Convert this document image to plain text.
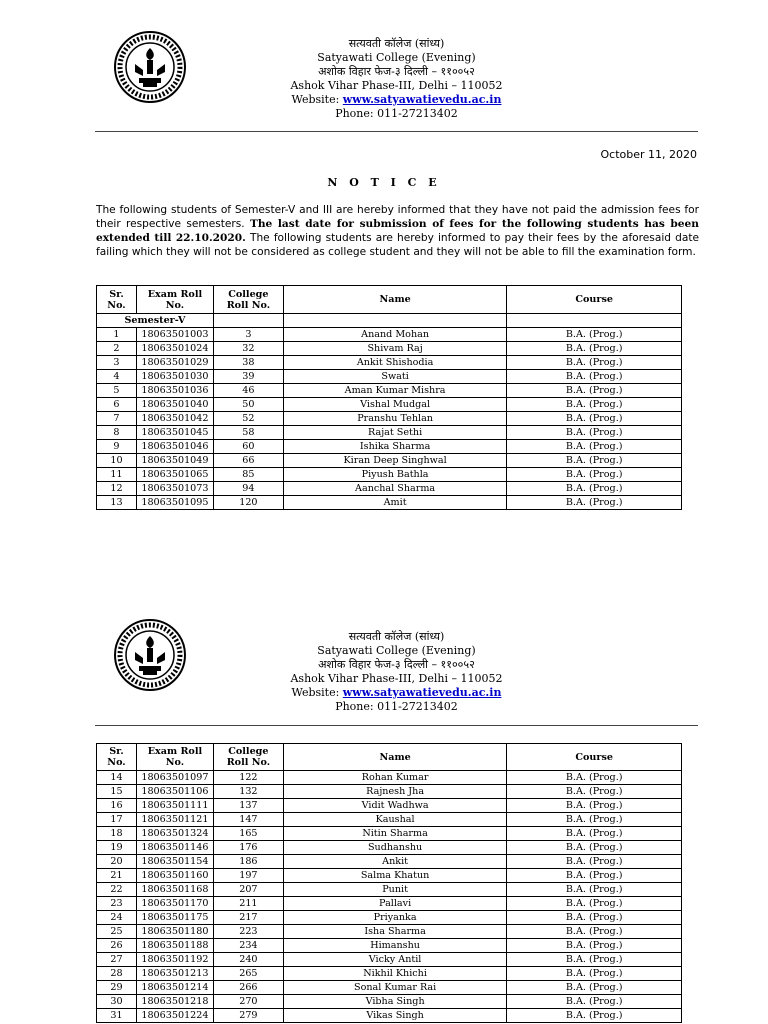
सत्यवती कॉलेज (सांध्य)
Satyawati College (Evening)
अशोक विहार फेज-३ दिल्ली – ११००५२
Ashok Vihar Phase-III, Delhi – 110052
Website: www.satyawatievedu.ac.in
Phone: 011-27213402
October 11, 2020
N O T I C E
The following students of Semester-V and III are hereby informed that they have not paid the admission fees for their respective semesters. The last date for submission of fees for the following students has been extended till 22.10.2020. The following students are hereby informed to pay their fees by the aforesaid date failing which they will not be considered as college student and they will not be able to fill the examination form.
Sr. No.	Exam Roll No.	College Roll No.	Name	Course
Semester-V				
1	18063501003	3	Anand Mohan	B.A. (Prog.)
2	18063501024	32	Shivam Raj	B.A. (Prog.)
3	18063501029	38	Ankit Shishodia	B.A. (Prog.)
4	18063501030	39	Swati	B.A. (Prog.)
5	18063501036	46	Aman Kumar Mishra	B.A. (Prog.)
6	18063501040	50	Vishal Mudgal	B.A. (Prog.)
7	18063501042	52	Pranshu Tehlan	B.A. (Prog.)
8	18063501045	58	Rajat Sethi	B.A. (Prog.)
9	18063501046	60	Ishika Sharma	B.A. (Prog.)
10	18063501049	66	Kiran Deep Singhwal	B.A. (Prog.)
11	18063501065	85	Piyush Bathla	B.A. (Prog.)
12	18063501073	94	Aanchal Sharma	B.A. (Prog.)
13	18063501095	120	Amit	B.A. (Prog.)
सत्यवती कॉलेज (सांध्य)
Satyawati College (Evening)
अशोक विहार फेज-३ दिल्ली – ११००५२
Ashok Vihar Phase-III, Delhi – 110052
Website: www.satyawatievedu.ac.in
Phone: 011-27213402
Sr. No.	Exam Roll No.	College Roll No.	Name	Course
14	18063501097	122	Rohan Kumar	B.A. (Prog.)
15	18063501106	132	Rajnesh Jha	B.A. (Prog.)
16	18063501111	137	Vidit Wadhwa	B.A. (Prog.)
17	18063501121	147	Kaushal	B.A. (Prog.)
18	18063501324	165	Nitin Sharma	B.A. (Prog.)
19	18063501146	176	Sudhanshu	B.A. (Prog.)
20	18063501154	186	Ankit	B.A. (Prog.)
21	18063501160	197	Salma Khatun	B.A. (Prog.)
22	18063501168	207	Punit	B.A. (Prog.)
23	18063501170	211	Pallavi	B.A. (Prog.)
24	18063501175	217	Priyanka	B.A. (Prog.)
25	18063501180	223	Isha Sharma	B.A. (Prog.)
26	18063501188	234	Himanshu	B.A. (Prog.)
27	18063501192	240	Vicky Antil	B.A. (Prog.)
28	18063501213	265	Nikhil Khichi	B.A. (Prog.)
29	18063501214	266	Sonal Kumar Rai	B.A. (Prog.)
30	18063501218	270	Vibha Singh	B.A. (Prog.)
31	18063501224	279	Vikas Singh	B.A. (Prog.)
